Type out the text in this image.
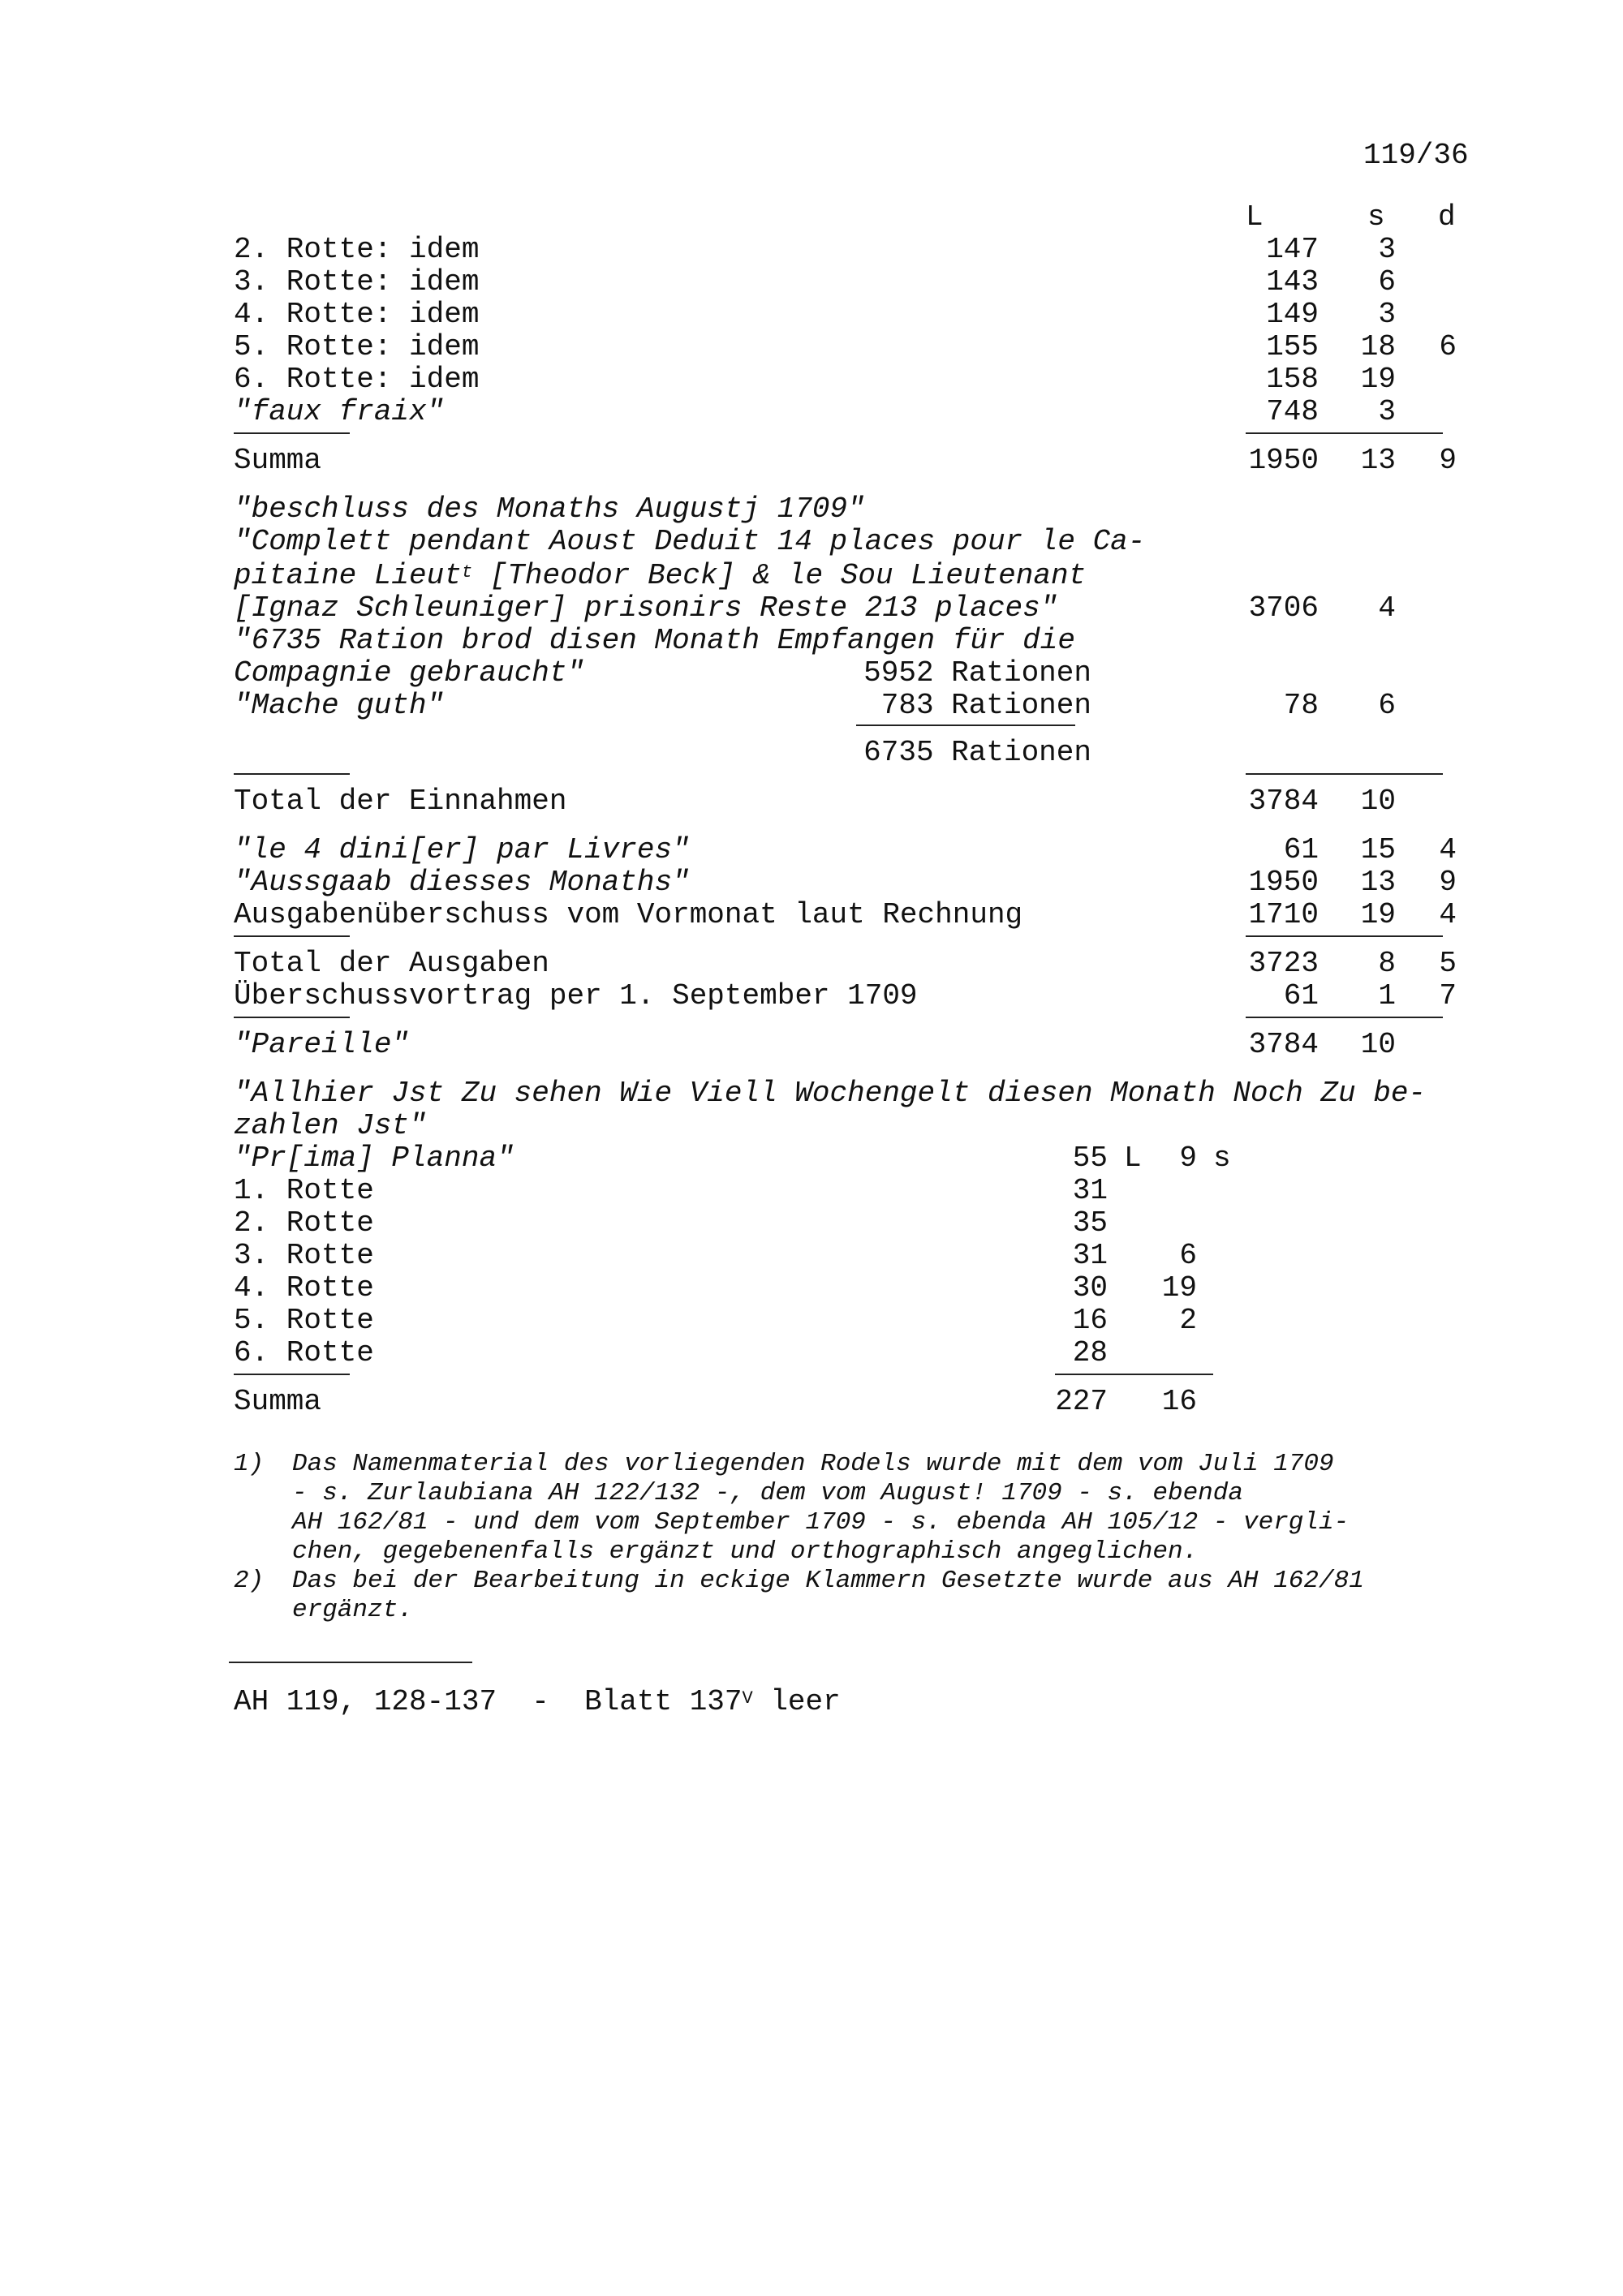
119/36
L	s d
2. Rotte: idem	147	3
3. Rotte: idem	143	6
4. Rotte: idem	149	3
5. Rotte: idem	155	18	6
6. Rotte: idem	158	19
"faux fraix"	748	3
Summa	1950	13	9
"beschluss des Monaths Augustj 1709"
"Complett pendant Aoust Deduit 14 places pour le Ca-
pitaine Lieut$^t$ [Theodor Beck] & le Sou Lieutenant
[Ignaz Schleuniger] prisonirs Reste 213 places"	3706	4
"6735 Ration brod disen Monath Empfangen für die
Compagnie gebraucht"	5952 Rationen
"Mache guth"	783 Rationen	78	6
6735 Rationen
Total der Einnahmen	3784	10
"le 4 dini[er] par Livres"	61	15	4
"Aussgaab diesses Monaths"	1950	13	9
Ausgabenüberschuss vom Vormonat laut Rechnung	1710	19	4
Total der Ausgaben	3723	8	5
Überschussvortrag per 1. September 1709	61	1	7
"Pareille"	3784	10
"Allhier Jst Zu sehen Wie Viell Wochengelt diesen Monath Noch Zu be-
zahlen Jst"
"Pr[ima] Planna"	55 L	9 s
1. Rotte	31
2. Rotte	35
3. Rotte	31	6
4. Rotte	30	19
5. Rotte	16	2
6. Rotte	28
Summa	227	16
1) Das Namenmaterial des vorliegenden Rodels wurde mit dem vom Juli 1709
- s. Zurlaubiana AH 122/132 -, dem vom August! 1709 - s. ebenda
AH 162/81 - und dem vom September 1709 - s. ebenda AH 105/12 - vergli-
chen, gegebenenfalls ergänzt und orthographisch angeglichen.
2) Das bei der Bearbeitung in eckige Klammern Gesetzte wurde aus AH 162/81
ergänzt.
AH 119, 128-137  -  Blatt $137^V$ leer
